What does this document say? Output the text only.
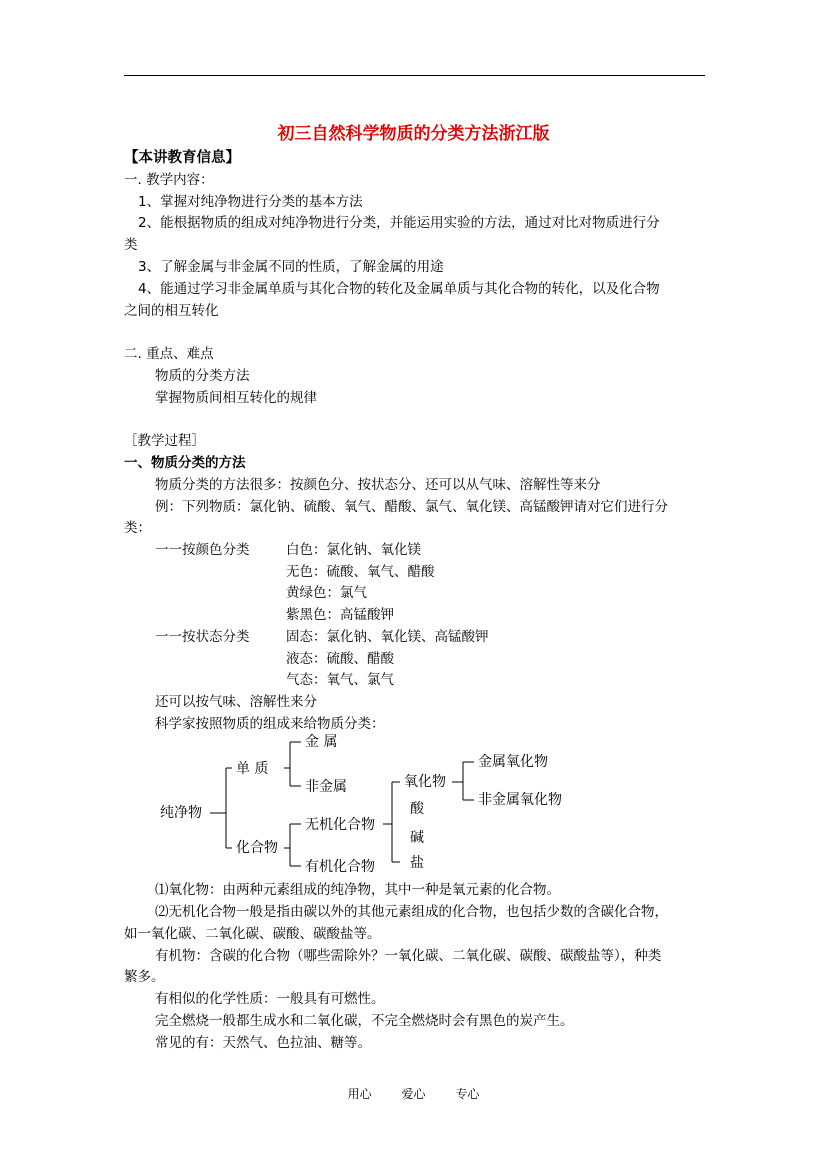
初三自然科学物质的分类方法浙江版
【本讲教育信息】
一. 教学内容：
1、掌握对纯净物进行分类的基本方法
2、能根据物质的组成对纯净物进行分类，并能运用实验的方法，通过对比对物质进行分
类
3、了解金属与非金属不同的性质，了解金属的用途
4、能通过学习非金属单质与其化合物的转化及金属单质与其化合物的转化，以及化合物
之间的相互转化
二. 重点、难点
物质的分类方法
掌握物质间相互转化的规律
［教学过程］
一、物质分类的方法
物质分类的方法很多：按颜色分、按状态分、还可以从气味、溶解性等来分
例：下列物质：氯化钠、硫酸、氧气、醋酸、氯气、氧化镁、高锰酸钾请对它们进行分
类：
一一按颜色分类	白色：氯化钠、氧化镁
无色：硫酸、氧气、醋酸
黄绿色：氯气
紫黑色：高锰酸钾
一一按状态分类	固态：氯化钠、氧化镁、高锰酸钾
液态：硫酸、醋酸
气态：氧气、氯气
还可以按气味、溶解性来分
科学家按照物质的组成来给物质分类：
纯净物
单 质
金 属
非金属
化合物
无机化合物
有机化合物
氧化物
酸
碱
盐
金属氧化物
非金属氧化物
⑴氧化物：由两种元素组成的纯净物，其中一种是氧元素的化合物。
⑵无机化合物一般是指由碳以外的其他元素组成的化合物，也包括少数的含碳化合物，
如一氧化碳、二氧化碳、碳酸、碳酸盐等。
有机物：含碳的化合物（哪些需除外？一氧化碳、二氧化碳、碳酸、碳酸盐等），种类
繁多。
有相似的化学性质：一般具有可燃性。
完全燃烧一般都生成水和二氧化碳，不完全燃烧时会有黑色的炭产生。
常见的有：天然气、色拉油、糖等。
用心 爱心 专心
